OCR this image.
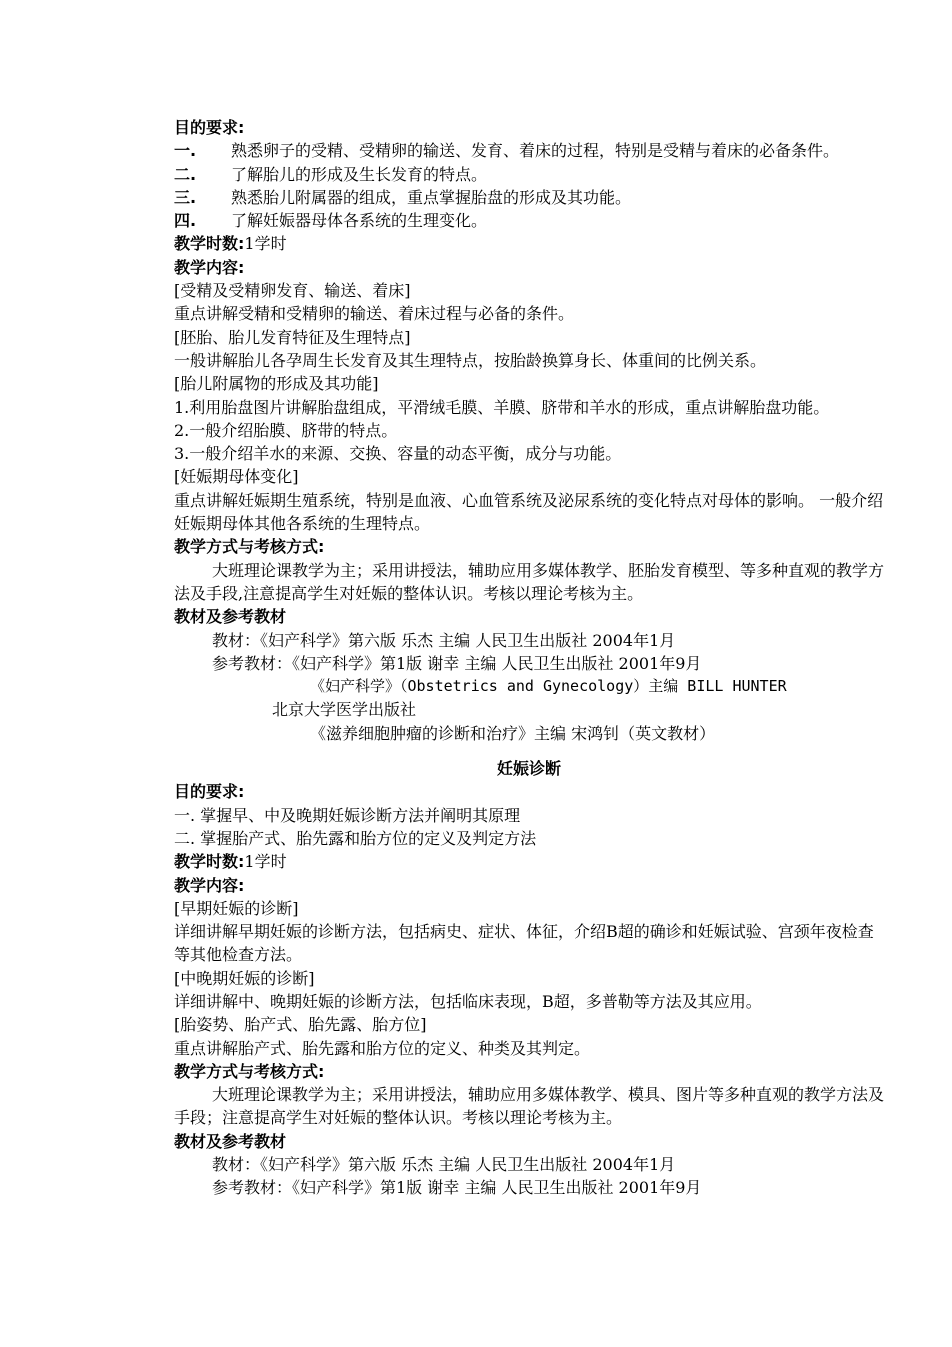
目的要求:
一.	熟悉卵子的受精、受精卵的输送、发育、着床的过程，特别是受精与着床的必备条件。
二.	了解胎儿的形成及生长发育的特点。
三.	熟悉胎儿附属器的组成，重点掌握胎盘的形成及其功能。
四.	了解妊娠器母体各系统的生理变化。
教学时数:1学时
教学内容:
[受精及受精卵发育、输送、着床]
重点讲解受精和受精卵的输送、着床过程与必备的条件。
[胚胎、胎儿发育特征及生理特点]
一般讲解胎儿各孕周生长发育及其生理特点，按胎龄换算身长、体重间的比例关系。
[胎儿附属物的形成及其功能]
1.利用胎盘图片讲解胎盘组成，平滑绒毛膜、羊膜、脐带和羊水的形成，重点讲解胎盘功能。
2.一般介绍胎膜、脐带的特点。
3.一般介绍羊水的来源、交换、容量的动态平衡，成分与功能。
[妊娠期母体变化]
重点讲解妊娠期生殖系统，特别是血液、心血管系统及泌尿系统的变化特点对母体的影响。 一般介绍妊娠期母体其他各系统的生理特点。
教学方式与考核方式:
大班理论课教学为主；采用讲授法，辅助应用多媒体教学、胚胎发育模型、等多种直观的教学方法及手段,注意提高学生对妊娠的整体认识。考核以理论考核为主。
教材及参考教材
教材：《妇产科学》第六版 乐杰 主编 人民卫生出版社 2004年1月
参考教材：《妇产科学》第1版 谢幸 主编 人民卫生出版社 2001年9月
《妇产科学》（Obstetrics and Gynecology）主编 BILL HUNTER
北京大学医学出版社
《滋养细胞肿瘤的诊断和治疗》主编 宋鸿钊（英文教材）
妊娠诊断
目的要求:
一. 掌握早、中及晚期妊娠诊断方法并阐明其原理
二. 掌握胎产式、胎先露和胎方位的定义及判定方法
教学时数:1学时
教学内容:
[早期妊娠的诊断]
详细讲解早期妊娠的诊断方法，包括病史、症状、体征，介绍B超的确诊和妊娠试验、宫颈年夜检查等其他检查方法。
[中晚期妊娠的诊断]
详细讲解中、晚期妊娠的诊断方法，包括临床表现，B超，多普勒等方法及其应用。
[胎姿势、胎产式、胎先露、胎方位]
重点讲解胎产式、胎先露和胎方位的定义、种类及其判定。
教学方式与考核方式:
大班理论课教学为主；采用讲授法，辅助应用多媒体教学、模具、图片等多种直观的教学方法及手段；注意提高学生对妊娠的整体认识。考核以理论考核为主。
教材及参考教材
教材：《妇产科学》第六版 乐杰 主编 人民卫生出版社 2004年1月
参考教材：《妇产科学》第1版 谢幸 主编 人民卫生出版社 2001年9月
